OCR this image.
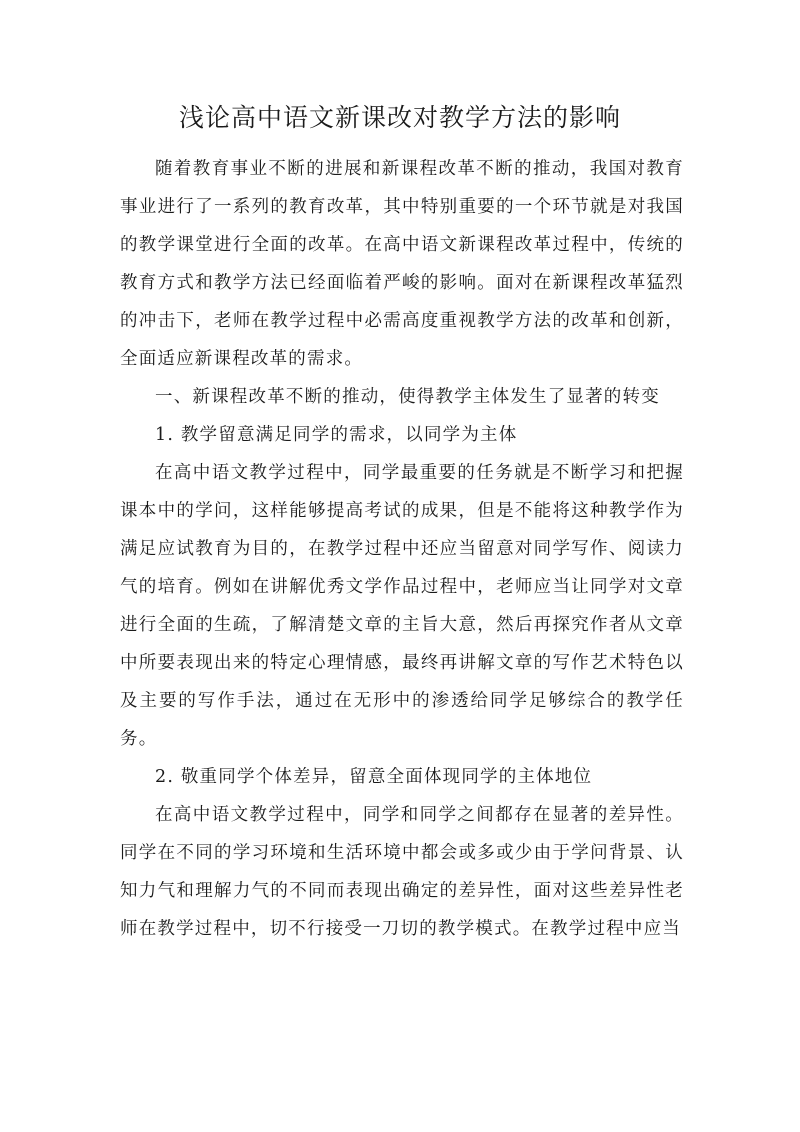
浅论高中语文新课改对教学方法的影响

随着教育事业不断的进展和新课程改革不断的推动，我国对教育事业进行了一系列的教育改革，其中特别重要的一个环节就是对我国的教学课堂进行全面的改革。在高中语文新课程改革过程中，传统的教育方式和教学方法已经面临着严峻的影响。面对在新课程改革猛烈的冲击下，老师在教学过程中必需高度重视教学方法的改革和创新，全面适应新课程改革的需求。

一、新课程改革不断的推动，使得教学主体发生了显著的转变

1. 教学留意满足同学的需求，以同学为主体

在高中语文教学过程中，同学最重要的任务就是不断学习和把握课本中的学问，这样能够提高考试的成果，但是不能将这种教学作为满足应试教育为目的，在教学过程中还应当留意对同学写作、阅读力气的培育。例如在讲解优秀文学作品过程中，老师应当让同学对文章进行全面的生疏，了解清楚文章的主旨大意，然后再探究作者从文章中所要表现出来的特定心理情感，最终再讲解文章的写作艺术特色以及主要的写作手法，通过在无形中的渗透给同学足够综合的教学任务。

2. 敬重同学个体差异，留意全面体现同学的主体地位

在高中语文教学过程中，同学和同学之间都存在显著的差异性。同学在不同的学习环境和生活环境中都会或多或少由于学问背景、认知力气和理解力气的不同而表现出确定的差异性，面对这些差异性老师在教学过程中，切不行接受一刀切的教学模式。在教学过程中应当
